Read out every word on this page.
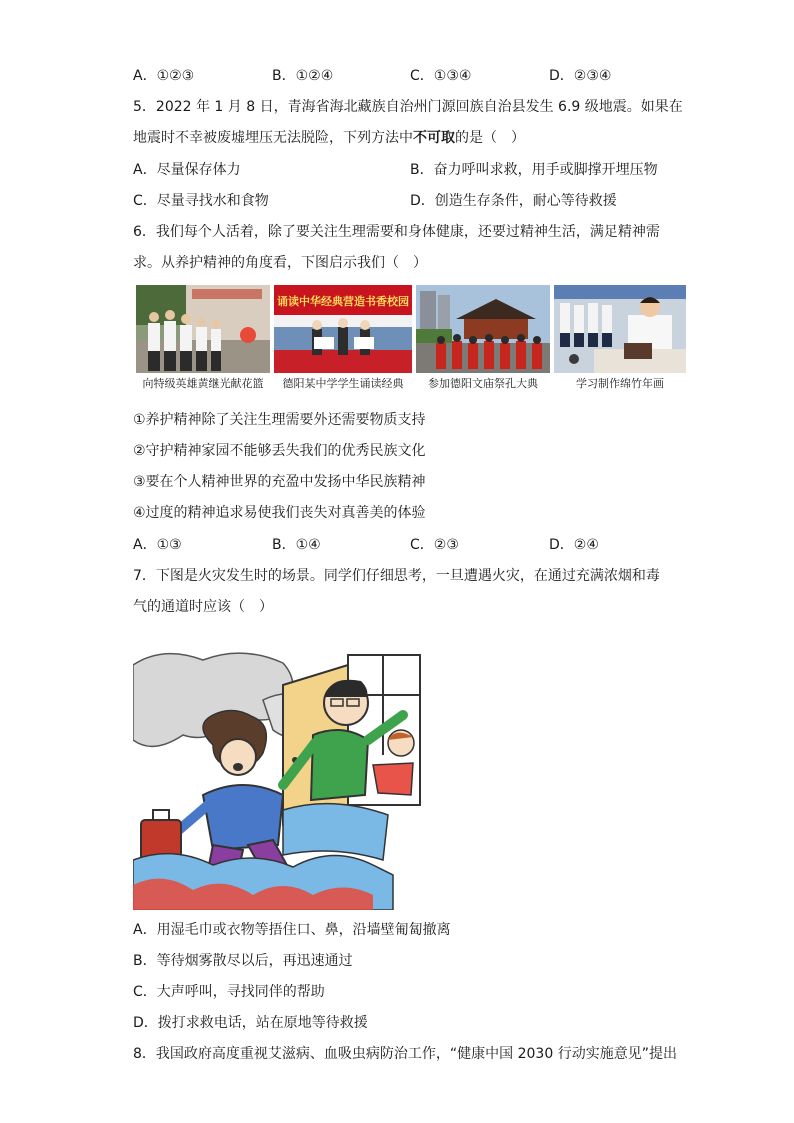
A．①②③	B．①②④	C．①③④	D．②③④
5．2022 年 1 月 8 日，青海省海北藏族自治州门源回族自治县发生 6.9 级地震。如果在
地震时不幸被废墟埋压无法脱险，下列方法中不可取的是（　）
A．尽量保存体力	B．奋力呼叫求救，用手或脚撑开埋压物
C．尽量寻找水和食物	D．创造生存条件，耐心等待救援
6．我们每个人活着，除了要关注生理需要和身体健康，还要过精神生活，满足精神需
求。从养护精神的角度看，下图启示我们（　）
诵读中华经典营造书香校园
向特级英雄黄继光献花篮	德阳某中学学生诵读经典	参加德阳文庙祭孔大典	学习制作绵竹年画
①养护精神除了关注生理需要外还需要物质支持
②守护精神家园不能够丢失我们的优秀民族文化
③要在个人精神世界的充盈中发扬中华民族精神
④过度的精神追求易使我们丧失对真善美的体验
A．①③	B．①④	C．②③	D．②④
7．下图是火灾发生时的场景。同学们仔细思考，一旦遭遇火灾，在通过充满浓烟和毒
气的通道时应该（　）
A．用湿毛巾或衣物等捂住口、鼻，沿墙壁匍匐撤离
B．等待烟雾散尽以后，再迅速通过
C．大声呼叫，寻找同伴的帮助
D．拨打求救电话，站在原地等待救援
8．我国政府高度重视艾滋病、血吸虫病防治工作，“健康中国 2030 行动实施意见”提出
